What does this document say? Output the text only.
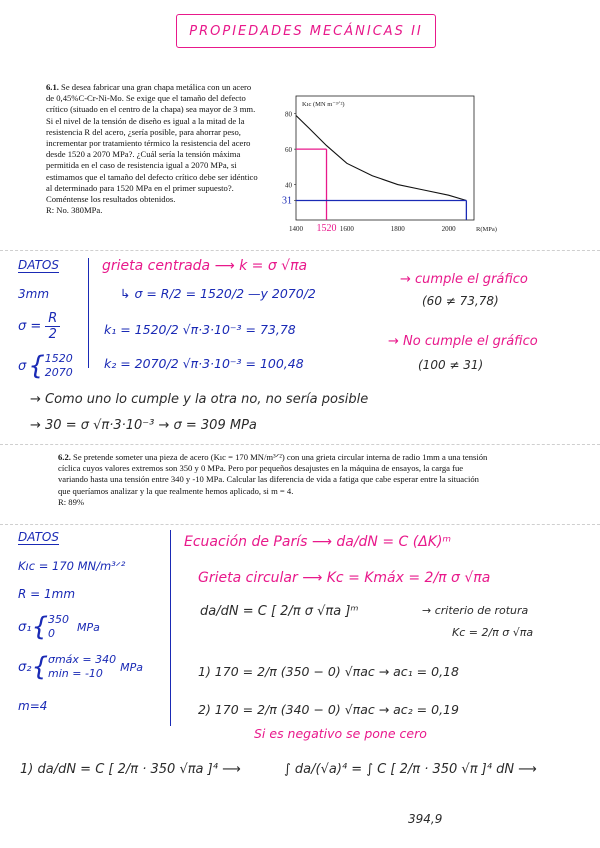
PROPIEDADES MECÁNICAS II
6.1. Se desea fabricar una gran chapa metálica con un acero de 0,45%C-Cr-Ni-Mo. Se exige que el tamaño del defecto crítico (situado en el centro de la chapa) sea mayor de 3 mm. Si el nivel de la tensión de diseño es igual a la mitad de la resistencia R del acero, ¿sería posible, para ahorrar peso, incrementar por tratamiento térmico la resistencia del acero desde 1520 a 2070 MPa?. ¿Cuál sería la tensión máxima permitida en el caso de resistencia igual a 2070 MPa, si estimamos que el tamaño del defecto crítico debe ser idéntico al determinado para 1520 MPa en el primer supuesto?. Coméntense los resultados obtenidos.
R: No. 380MPa.
31
40
60
80
1400 1520 1600	1800	2000
Kıc (MN m⁻³ᐟ²)
R(MPa)
DATOS
3mm
$\sigma = \frac{R}{2}$
σ { 1520
2070
grieta centrada ⟶ k = σ √πa
↳ σ = R/2 = 1520/2 —y 2070/2
k₁ = 1520/2 √π·3·10⁻³ = 73,78
k₂ = 2070/2 √π·3·10⁻³ = 100,48
→ cumple el gráfico
(60 ≠ 73,78)
→ No cumple el gráfico
(100 ≠ 31)
→ Como uno lo cumple y la otra no, no sería posible
→ 30 = σ √π·3·10⁻³ → σ = 309 MPa
6.2. Se pretende someter una pieza de acero (Kıc = 170 MN/m³ᐟ²) con una grieta circular interna de radio 1mm a una tensión cíclica cuyos valores extremos son 350 y 0 MPa. Pero por pequeños desajustes en la máquina de ensayos, la carga fue variando hasta una tensión entre 340 y -10 MPa. Calcular las diferencia de vida a fatiga que cabe esperar entre la situación que queríamos analizar y la que realmente hemos aplicado, si m = 4.
R: 89%
DATOS
Kıc = 170 MN/m³ᐟ²
R = 1mm
σ₁ { 350
0	MPa
σ₂ { σmáx = 340
min = -10	MPa
m=4
Ecuación de París ⟶ da/dN = C (ΔK)ᵐ
Grieta circular ⟶ Kc = Kmáx = 2/π σ √πa
da/dN = C [ 2/π σ √πa ]ᵐ	→ criterio de rotura
Kc = 2/π σ √πa
1) 170 = 2/π (350 − 0) √πac → ac₁ = 0,18
2) 170 = 2/π (340 − 0) √πac → ac₂ = 0,19
Si es negativo se pone cero
1) da/dN = C [ 2/π · 350 √πa ]⁴ ⟶	∫ da/(√a)⁴ = ∫ C [ 2/π · 350 √π ]⁴ dN ⟶
394,9
